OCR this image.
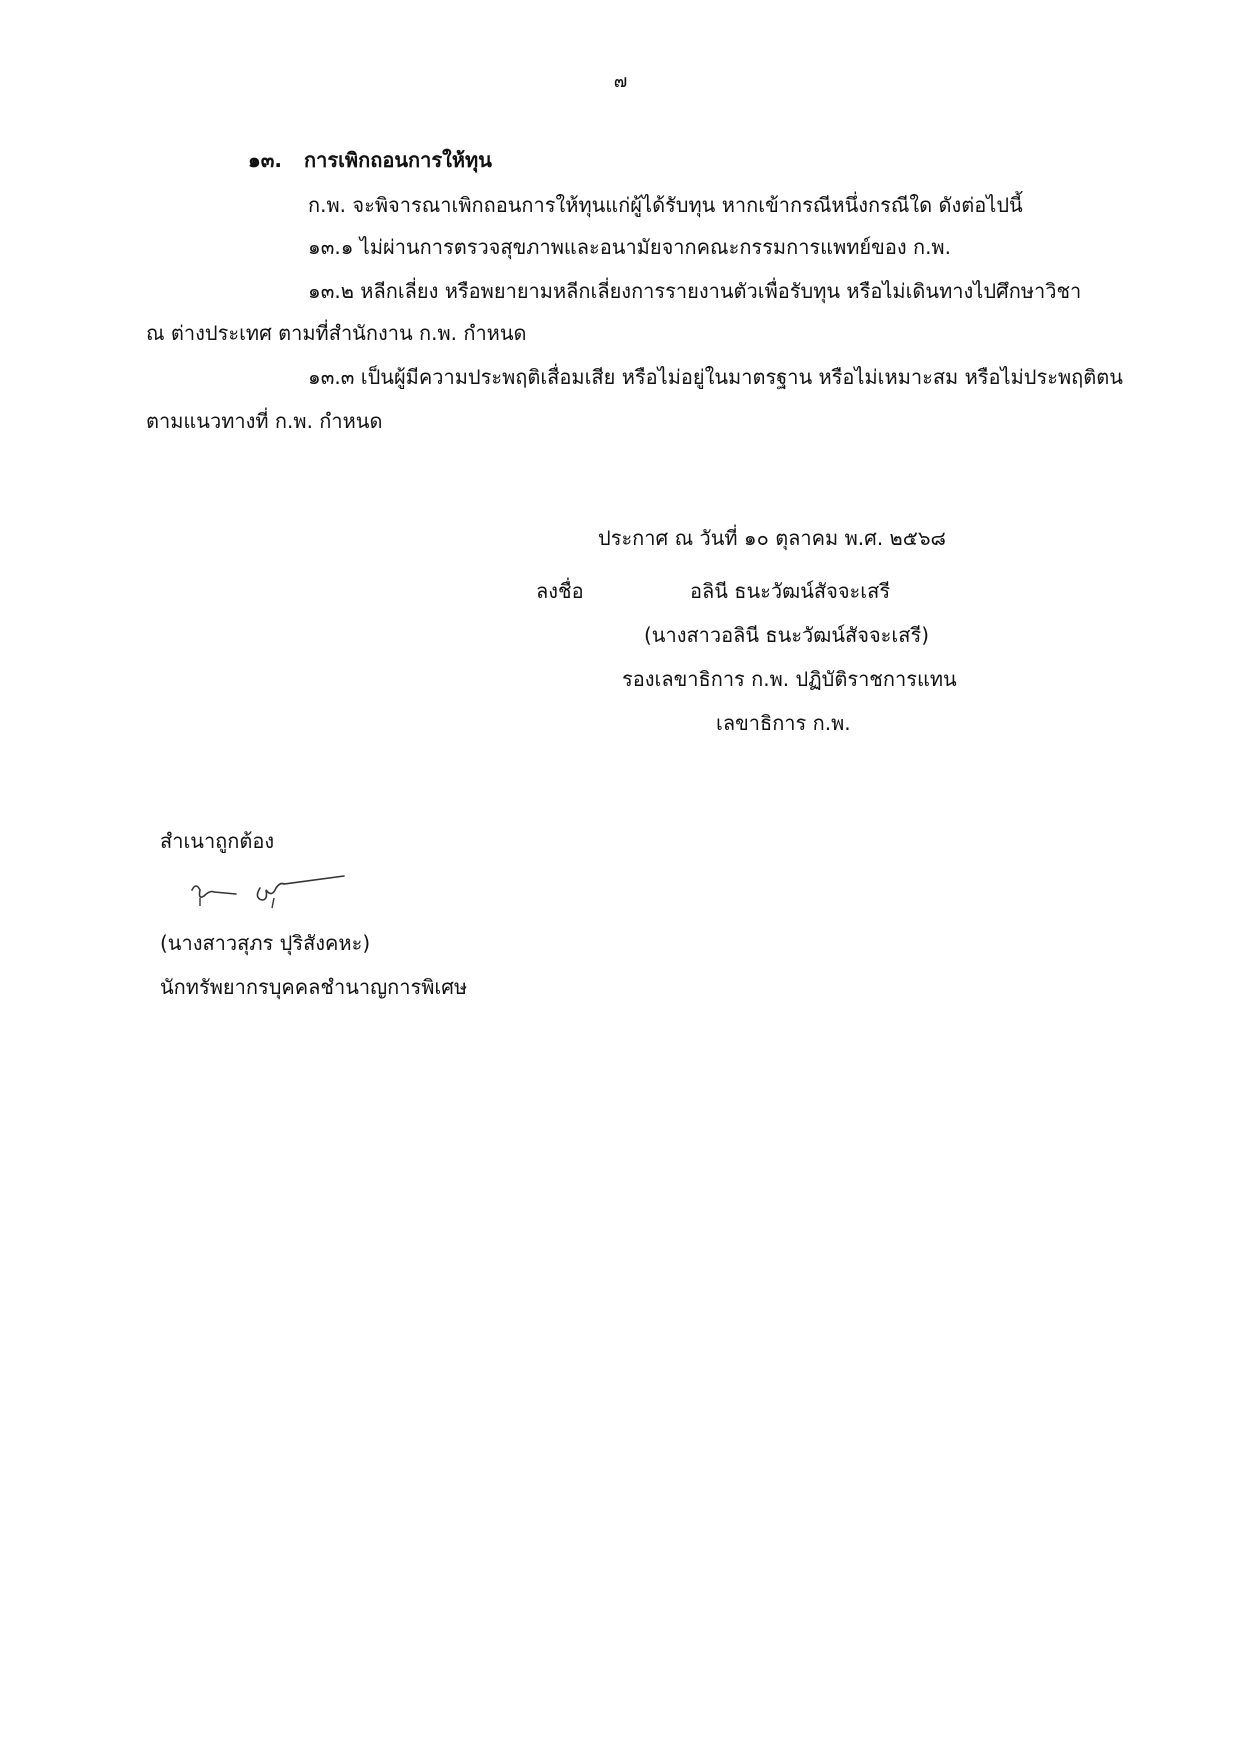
๗
๑๓. การเพิกถอนการให้ทุน
ก.พ. จะพิจารณาเพิกถอนการให้ทุนแก่ผู้ได้รับทุน หากเข้ากรณีหนึ่งกรณีใด ดังต่อไปนี้
๑๓.๑ ไม่ผ่านการตรวจสุขภาพและอนามัยจากคณะกรรมการแพทย์ของ ก.พ.
๑๓.๒ หลีกเลี่ยง หรือพยายามหลีกเลี่ยงการรายงานตัวเพื่อรับทุน หรือไม่เดินทางไปศึกษาวิชา
ณ ต่างประเทศ ตามที่สำนักงาน ก.พ. กำหนด
๑๓.๓ เป็นผู้มีความประพฤติเสื่อมเสีย หรือไม่อยู่ในมาตรฐาน หรือไม่เหมาะสม หรือไม่ประพฤติตน
ตามแนวทางที่ ก.พ. กำหนด
ประกาศ ณ วันที่ ๑๐ ตุลาคม พ.ศ. ๒๕๖๘
ลงชื่อ	อลินี ธนะวัฒน์สัจจะเสรี
(นางสาวอลินี ธนะวัฒน์สัจจะเสรี)
รองเลขาธิการ ก.พ. ปฏิบัติราชการแทน
เลขาธิการ ก.พ.
สำเนาถูกต้อง
(นางสาวสุภร ปุริสังคหะ)
นักทรัพยากรบุคคลชำนาญการพิเศษ
